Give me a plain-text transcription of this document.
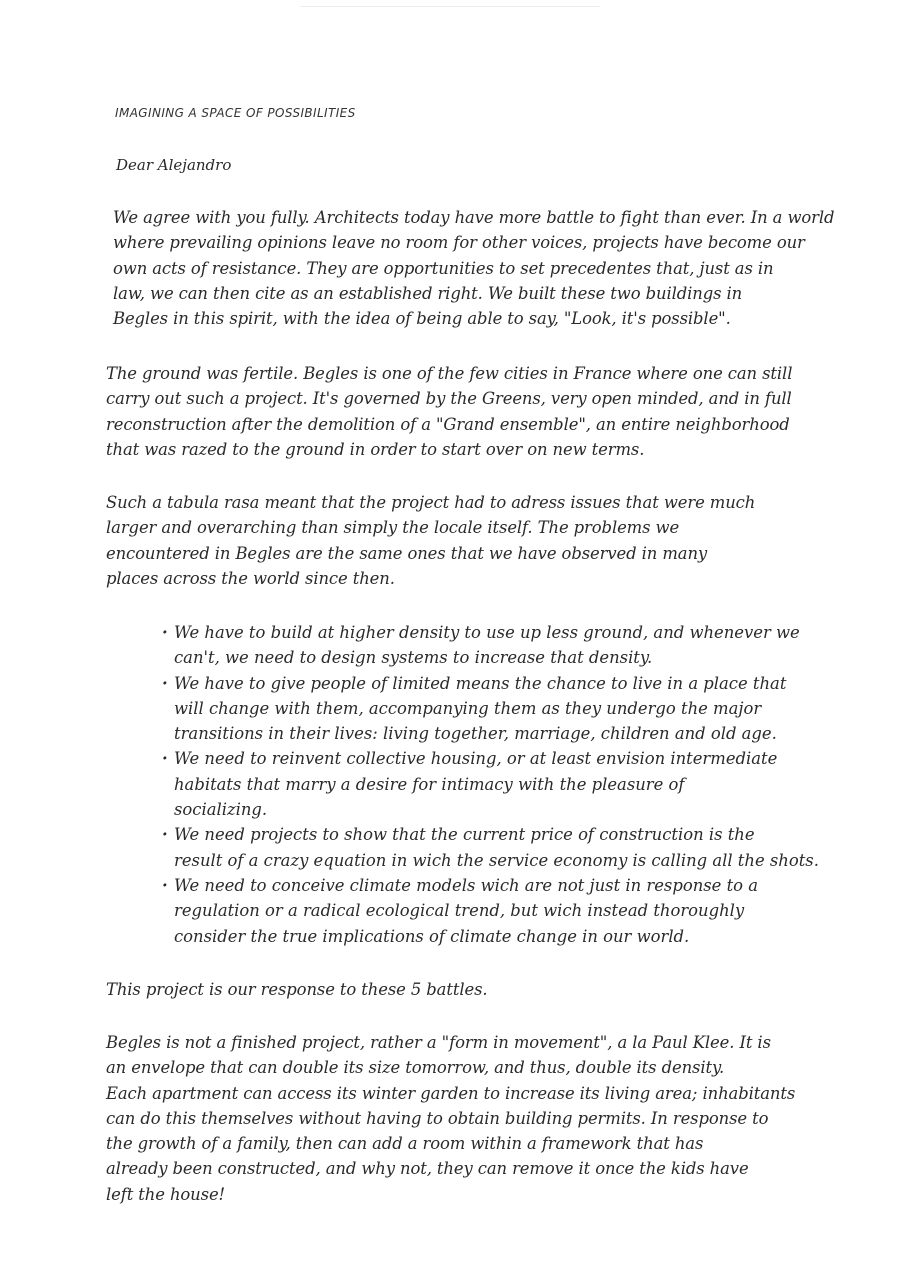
IMAGINING A SPACE OF POSSIBILITIES
Dear Alejandro
We agree with you fully. Architects today have more battle to fight than ever. In a world
where prevailing opinions leave no room for other voices, projects have become our
own acts of resistance. They are opportunities to set precedentes that, just as in
law, we can then cite as an established right. We built these two buildings in
Begles in this spirit, with the idea of being able to say, "Look, it's possible".
The ground was fertile. Begles is one of the few cities in France where one can still
carry out such a project. It's governed by the Greens, very open minded, and in full
reconstruction after the demolition of a "Grand ensemble", an entire neighborhood
that was razed to the ground in order to start over on new terms.
Such a tabula rasa meant that the project had to adress issues that were much
larger and overarching than simply the locale itself. The problems we
encountered in Begles are the same ones that we have observed in many
places across the world since then.
· We have to build at higher density to use up less ground, and whenever we
can't, we need to design systems to increase that density.
· We have to give people of limited means the chance to live in a place that
will change with them, accompanying them as they undergo the major
transitions in their lives: living together, marriage, children and old age.
· We need to reinvent collective housing, or at least envision intermediate
habitats that marry a desire for intimacy with the pleasure of
socializing.
· We need projects to show that the current price of construction is the
result of a crazy equation in wich the service economy is calling all the shots.
· We need to conceive climate models wich are not just in response to a
regulation or a radical ecological trend, but wich instead thoroughly
consider the true implications of climate change in our world.
This project is our response to these 5 battles.
Begles is not a finished project, rather a "form in movement", a la Paul Klee. It is
an envelope that can double its size tomorrow, and thus, double its density.
Each apartment can access its winter garden to increase its living area; inhabitants
can do this themselves without having to obtain building permits. In response to
the growth of a family, then can add a room within a framework that has
already been constructed, and why not, they can remove it once the kids have
left the house!
